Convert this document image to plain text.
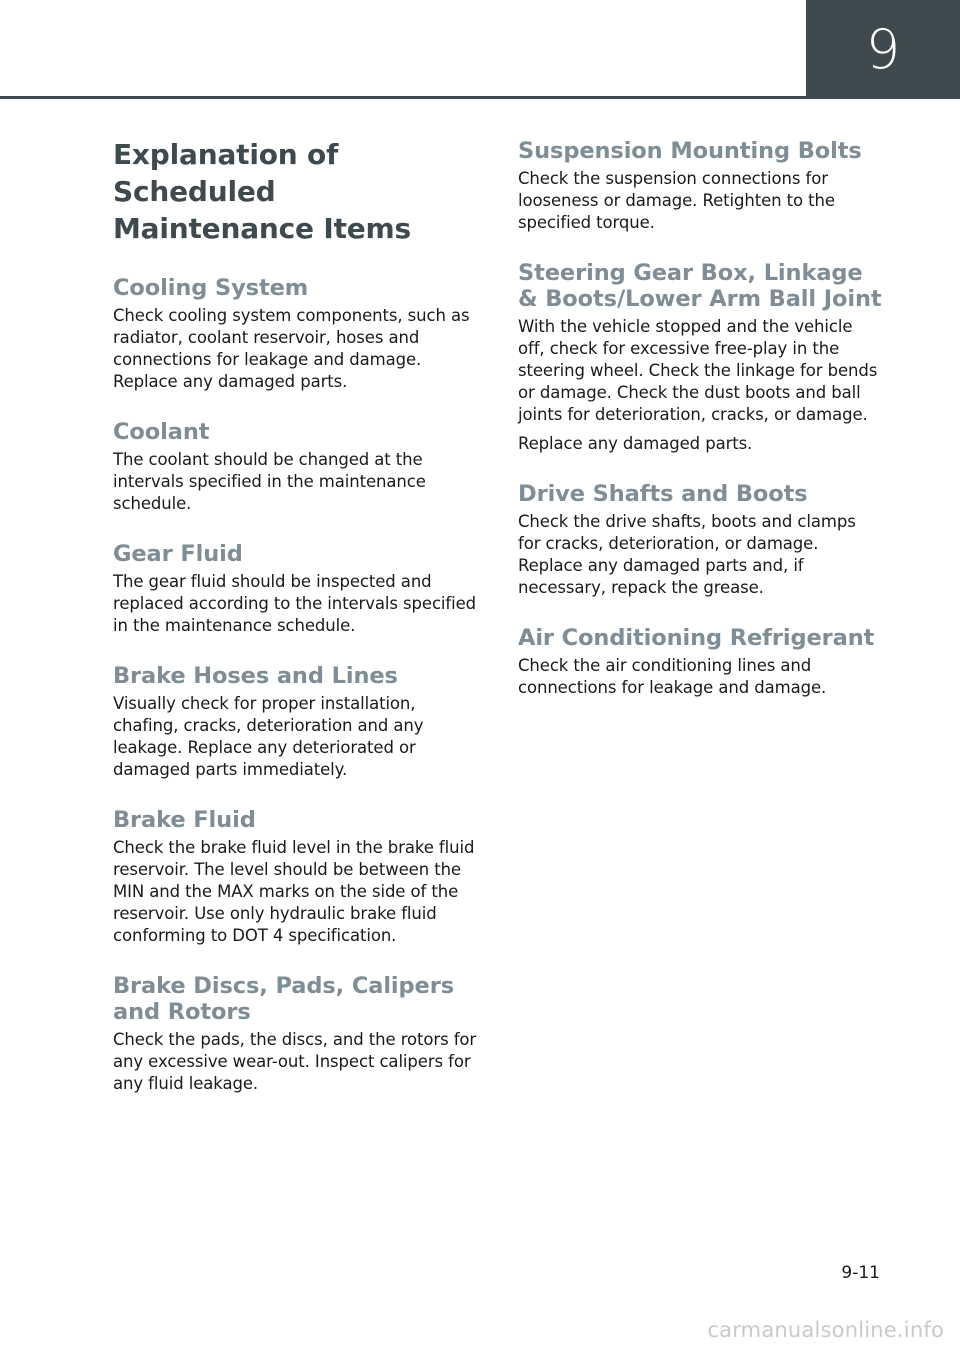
9
Explanation of Scheduled Maintenance Items
Cooling System

Check cooling system components, such as radiator, coolant reservoir, hoses and connections for leakage and damage. Replace any damaged parts.

Coolant

The coolant should be changed at the intervals specified in the maintenance schedule.

Gear Fluid

The gear fluid should be inspected and replaced according to the intervals specified in the maintenance schedule.

Brake Hoses and Lines

Visually check for proper installation, chafing, cracks, deterioration and any leakage. Replace any deteriorated or damaged parts immediately.

Brake Fluid

Check the brake fluid level in the brake fluid reservoir. The level should be between the MIN and the MAX marks on the side of the reservoir. Use only hydraulic brake fluid conforming to DOT 4 specification.

Brake Discs, Pads, Calipers and Rotors

Check the pads, the discs, and the rotors for any excessive wear-out. Inspect calipers for any fluid leakage.

Suspension Mounting Bolts

Check the suspension connections for looseness or damage. Retighten to the specified torque.

Steering Gear Box, Linkage & Boots/Lower Arm Ball Joint

With the vehicle stopped and the vehicle off, check for excessive free-play in the steering wheel. Check the linkage for bends or damage. Check the dust boots and ball joints for deterioration, cracks, or damage.

Replace any damaged parts.

Drive Shafts and Boots

Check the drive shafts, boots and clamps for cracks, deterioration, or damage. Replace any damaged parts and, if necessary, repack the grease.

Air Conditioning Refrigerant

Check the air conditioning lines and connections for leakage and damage.

9-11
carmanualsonline.info
